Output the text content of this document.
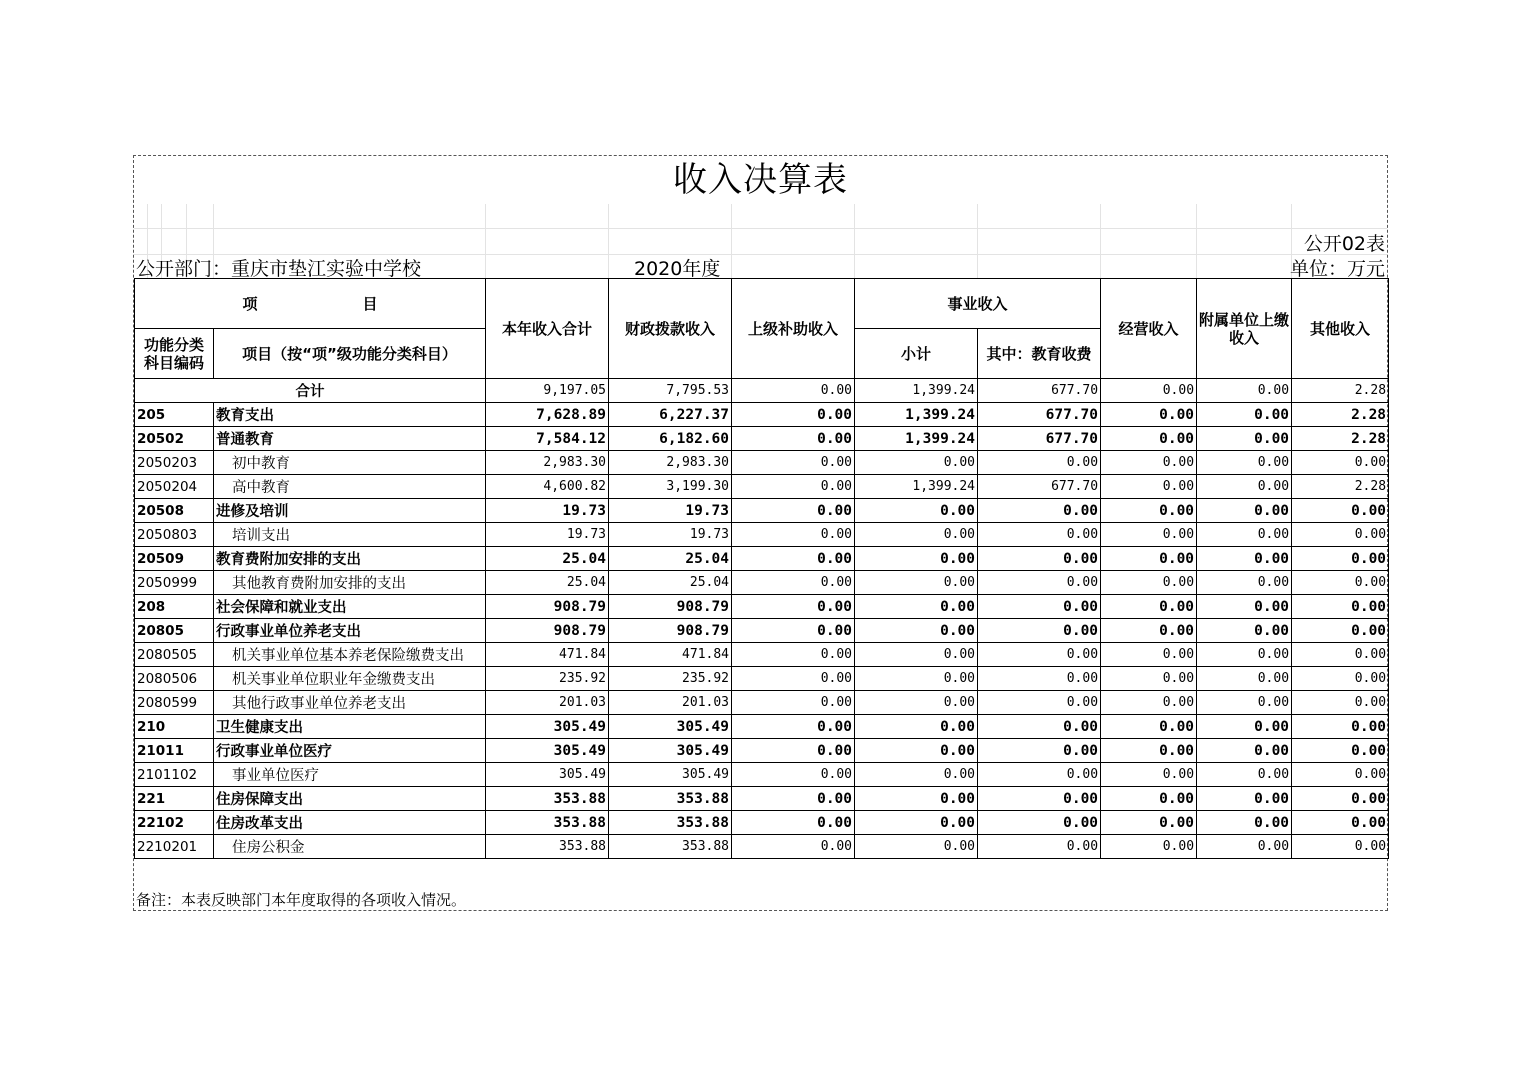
收入决算表
公开02表
公开部门：重庆市垫江实验中学校	2020年度	单位：万元
项　　　　　　　目		本年收入合计	财政拨款收入	上级补助收入	事业收入		经营收入	附属单位上缴收入	其他收入
功能分类科目编码	项目（按“项”级功能分类科目）				小计	其中：教育收费			

合计		9,197.05	7,795.53	0.00	1,399.24	677.70	0.00	0.00	2.28
205	教育支出	7,628.89	6,227.37	0.00	1,399.24	677.70	0.00	0.00	2.28
20502	普通教育	7,584.12	6,182.60	0.00	1,399.24	677.70	0.00	0.00	2.28
2050203	初中教育	2,983.30	2,983.30	0.00	0.00	0.00	0.00	0.00	0.00
2050204	高中教育	4,600.82	3,199.30	0.00	1,399.24	677.70	0.00	0.00	2.28
20508	进修及培训	19.73	19.73	0.00	0.00	0.00	0.00	0.00	0.00
2050803	培训支出	19.73	19.73	0.00	0.00	0.00	0.00	0.00	0.00
20509	教育费附加安排的支出	25.04	25.04	0.00	0.00	0.00	0.00	0.00	0.00
2050999	其他教育费附加安排的支出	25.04	25.04	0.00	0.00	0.00	0.00	0.00	0.00
208	社会保障和就业支出	908.79	908.79	0.00	0.00	0.00	0.00	0.00	0.00
20805	行政事业单位养老支出	908.79	908.79	0.00	0.00	0.00	0.00	0.00	0.00
2080505	机关事业单位基本养老保险缴费支出	471.84	471.84	0.00	0.00	0.00	0.00	0.00	0.00
2080506	机关事业单位职业年金缴费支出	235.92	235.92	0.00	0.00	0.00	0.00	0.00	0.00
2080599	其他行政事业单位养老支出	201.03	201.03	0.00	0.00	0.00	0.00	0.00	0.00
210	卫生健康支出	305.49	305.49	0.00	0.00	0.00	0.00	0.00	0.00
21011	行政事业单位医疗	305.49	305.49	0.00	0.00	0.00	0.00	0.00	0.00
2101102	事业单位医疗	305.49	305.49	0.00	0.00	0.00	0.00	0.00	0.00
221	住房保障支出	353.88	353.88	0.00	0.00	0.00	0.00	0.00	0.00
22102	住房改革支出	353.88	353.88	0.00	0.00	0.00	0.00	0.00	0.00
2210201	住房公积金	353.88	353.88	0.00	0.00	0.00	0.00	0.00	0.00
备注：本表反映部门本年度取得的各项收入情况。
